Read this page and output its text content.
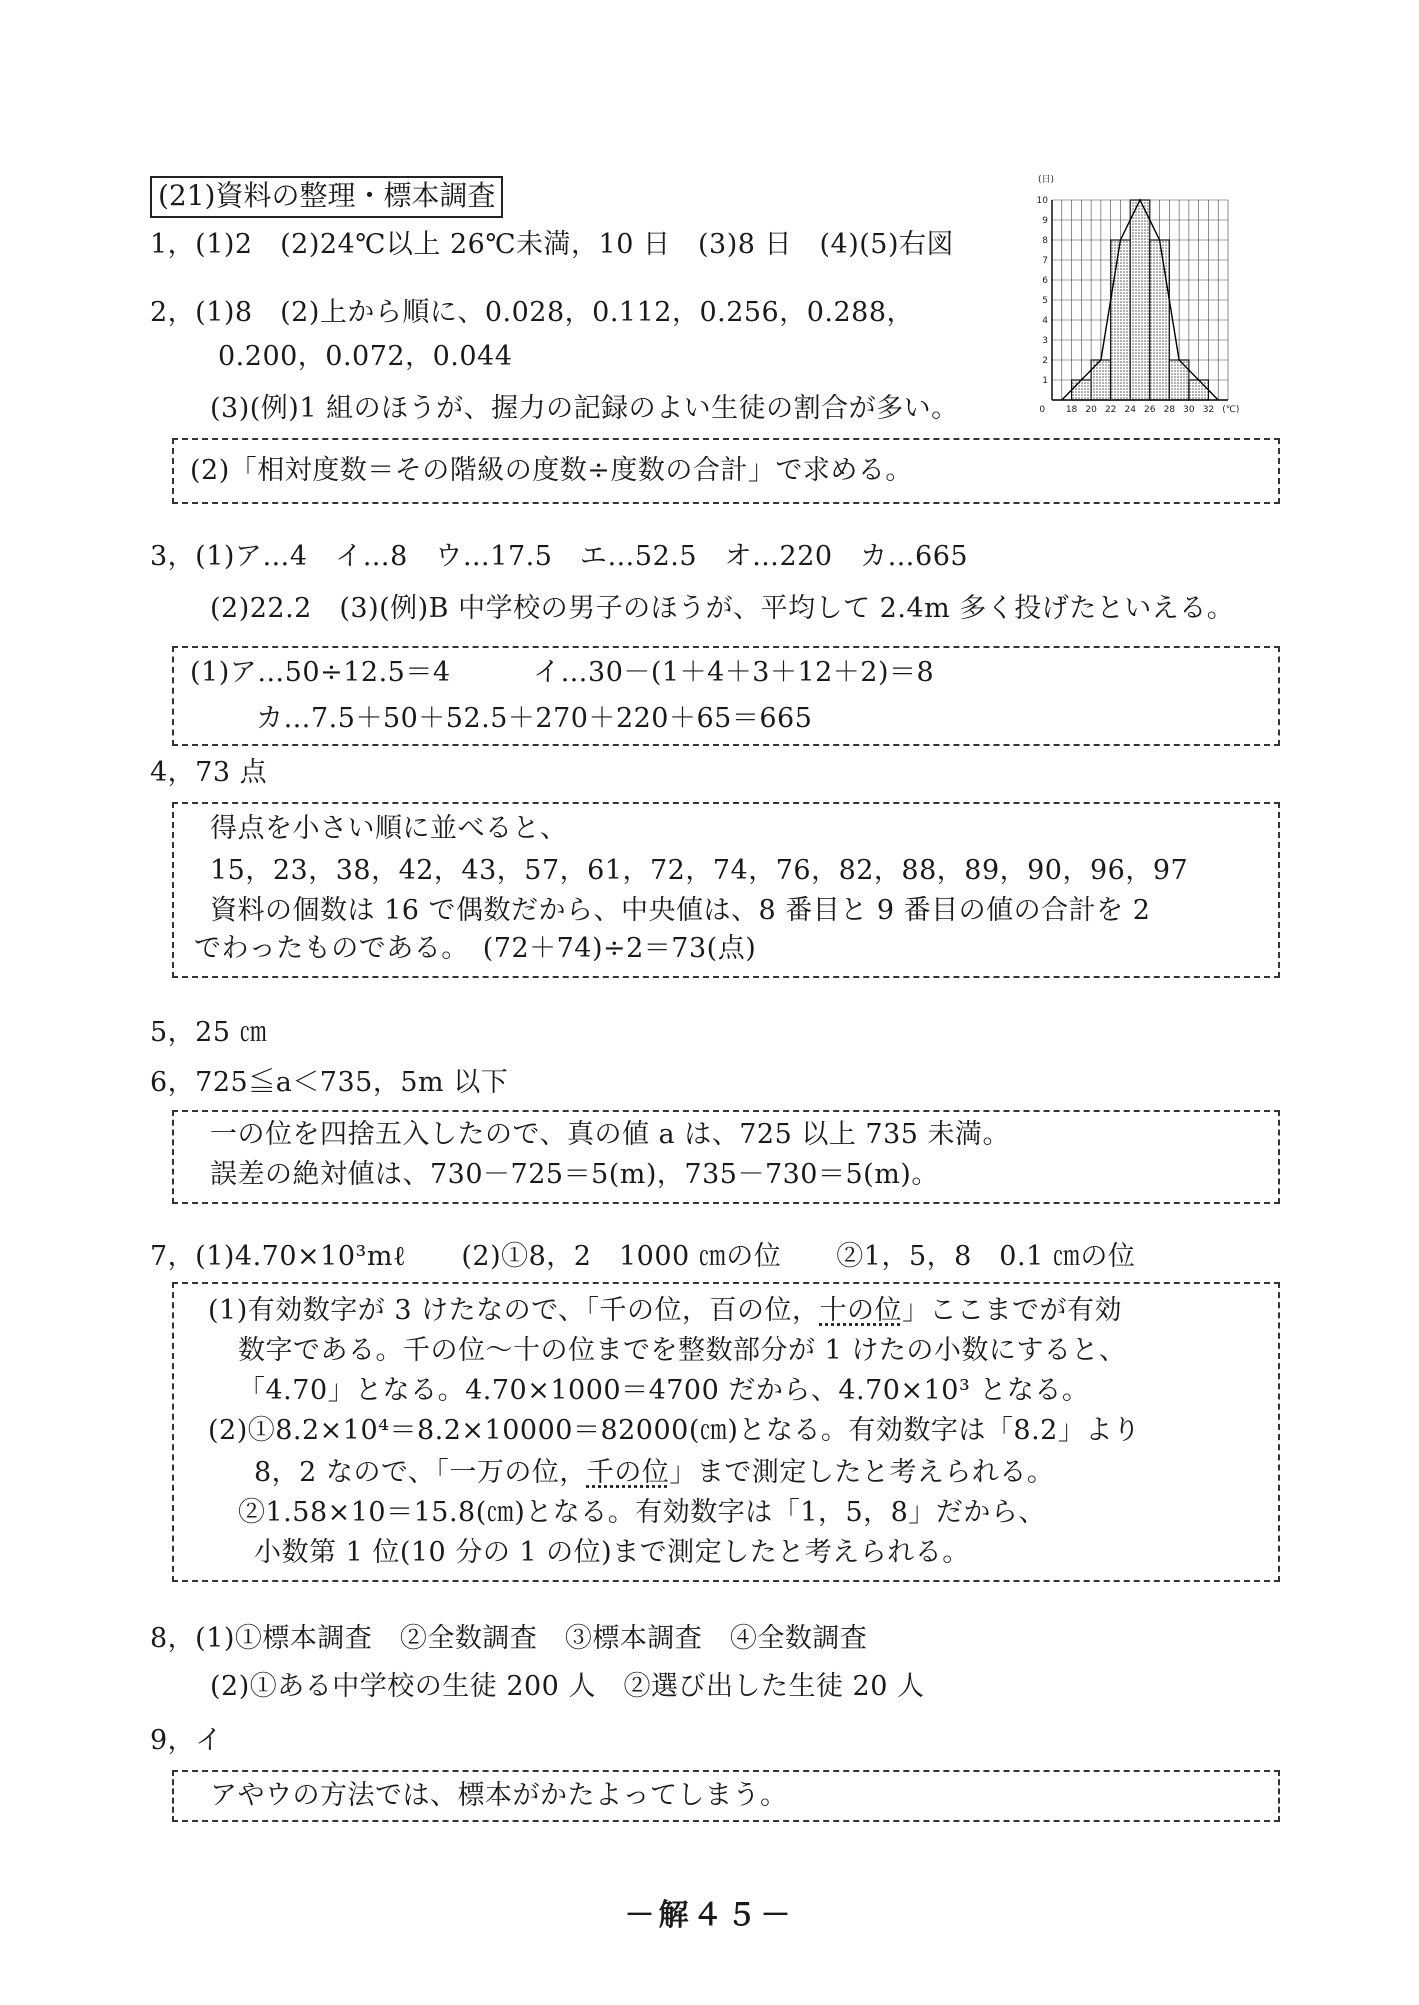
(21)資料の整理・標本調査
1，(1)2　(2)24℃以上 26℃未満，10 日　(3)8 日　(4)(5)右図
2，(1)8　(2)上から順に、0.028，0.112，0.256，0.288，
0.200，0.072，0.044
(3)(例)1 組のほうが、握力の記録のよい生徒の割合が多い。
(2)「相対度数＝その階級の度数÷度数の合計」で求める。
3，(1)ア…4　イ…8　ウ…17.5　エ…52.5　オ…220　カ…665
(2)22.2　(3)(例)B 中学校の男子のほうが、平均して 2.4m 多く投げたといえる。
(1)ア…50÷12.5＝4　　　イ…30－(1＋4＋3＋12＋2)＝8
カ…7.5＋50＋52.5＋270＋220＋65＝665
4，73 点
得点を小さい順に並べると、
15，23，38，42，43，57，61，72，74，76，82，88，89，90，96，97
資料の個数は 16 で偶数だから、中央値は、8 番目と 9 番目の値の合計を 2
でわったものである。　(72＋74)÷2＝73(点)
5，25 ㎝
6，725≦a＜735，5m 以下
一の位を四捨五入したので、真の値 a は、725 以上 735 未満。
誤差の絶対値は、730－725＝5(m)，735－730＝5(m)。
7，(1)4.70×10³mℓ　　(2)①8，2　1000 ㎝の位　　②1，5，8　0.1 ㎝の位
(1)有効数字が 3 けたなので、「千の位，百の位，十の位」ここまでが有効
数字である。千の位～十の位までを整数部分が 1 けたの小数にすると、
「4.70」となる。4.70×1000＝4700 だから、4.70×10³ となる。
(2)①8.2×10⁴＝8.2×10000＝82000(㎝)となる。有効数字は「8.2」より
8，2 なので、「一万の位，千の位」まで測定したと考えられる。
②1.58×10＝15.8(㎝)となる。有効数字は「1，5，8」だから、
小数第 1 位(10 分の 1 の位)まで測定したと考えられる。
8，(1)①標本調査　②全数調査　③標本調査　④全数調査
(2)①ある中学校の生徒 200 人　②選び出した生徒 20 人
9，イ
アやウの方法では、標本がかたよってしまう。
－解４５－
1
2
3
4
5
6
7
8
9
10
0 18 20 22 24 26 28 30 32
(日)
(℃)
